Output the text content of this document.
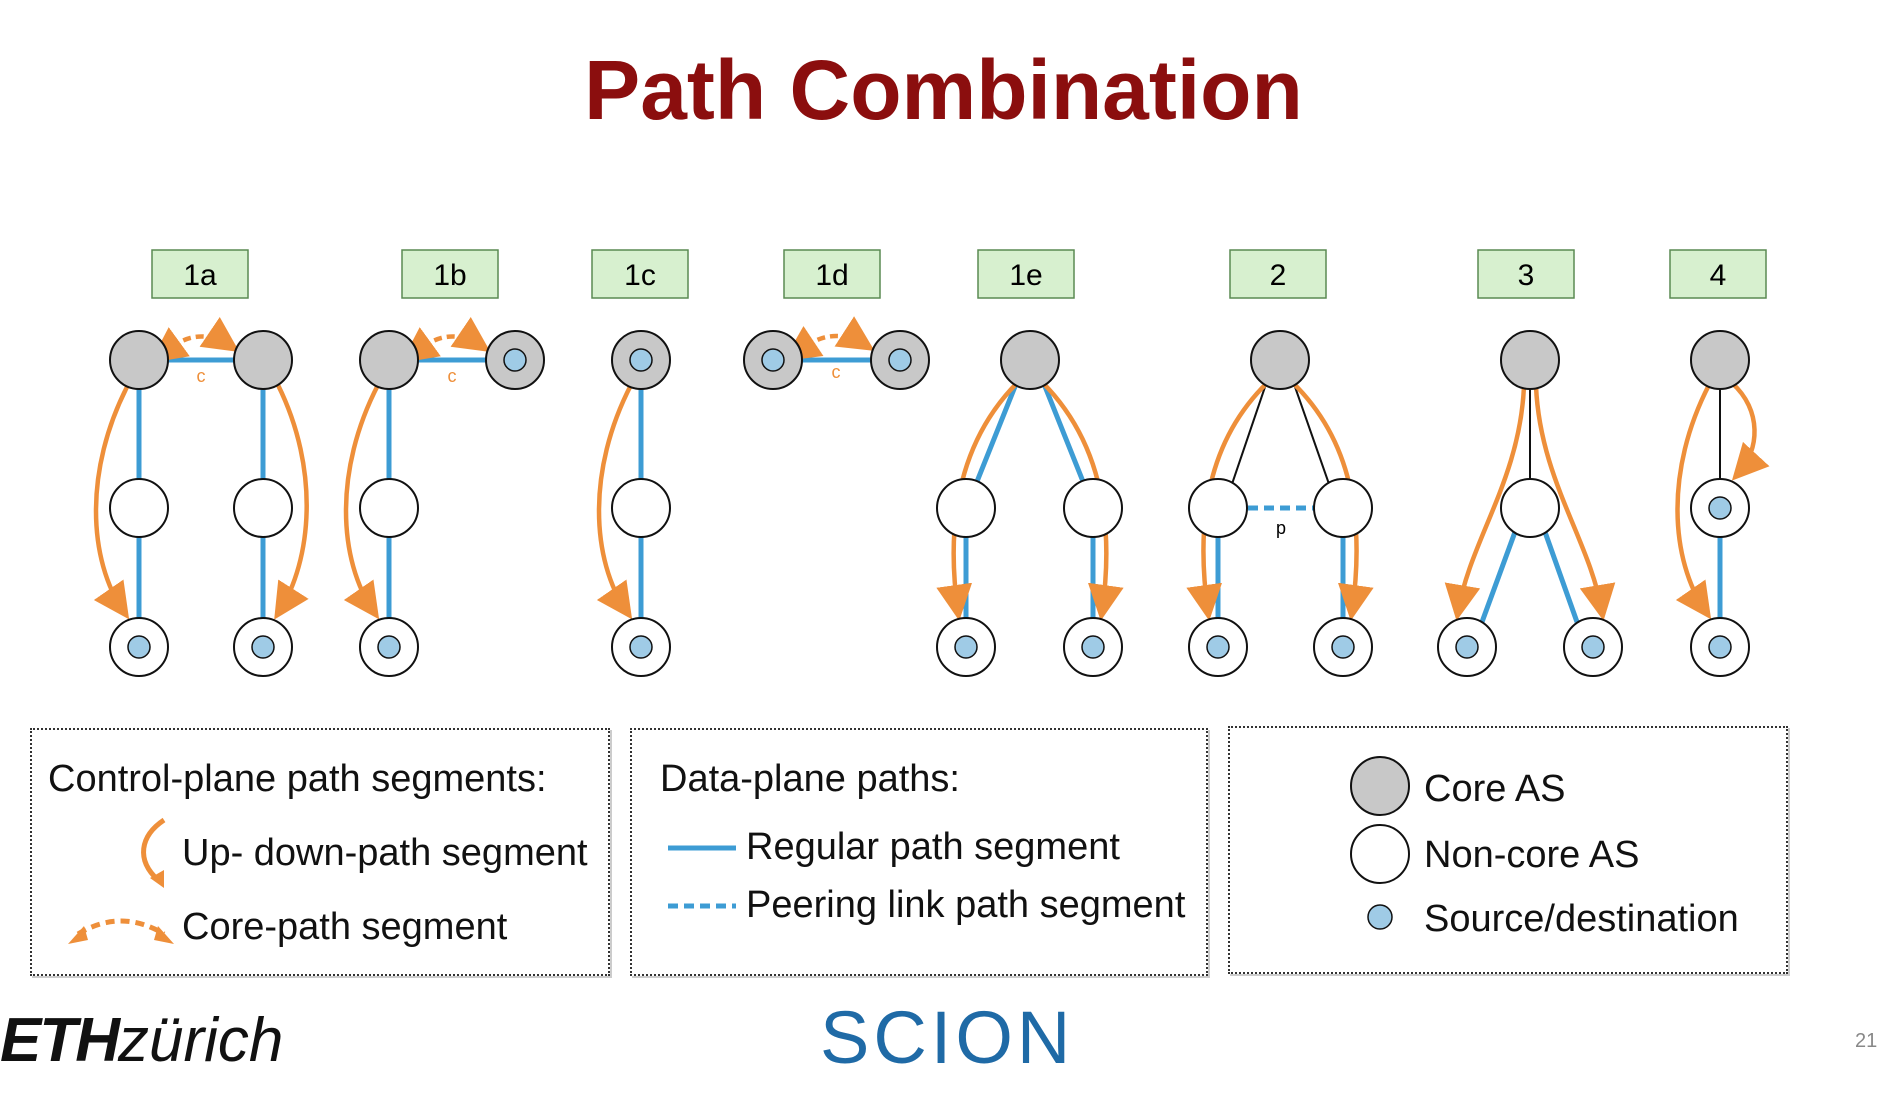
Path Combination
1a	1b	1c	1d	1e	2	3	4
p
c	c	c
Control-plane path segments:
Up- down-path segment
Core-path segment
Data-plane paths:
Regular path segment
Peering link path segment
Core AS
Non-core AS
Source/destination
ETHzürich	SCION	21
